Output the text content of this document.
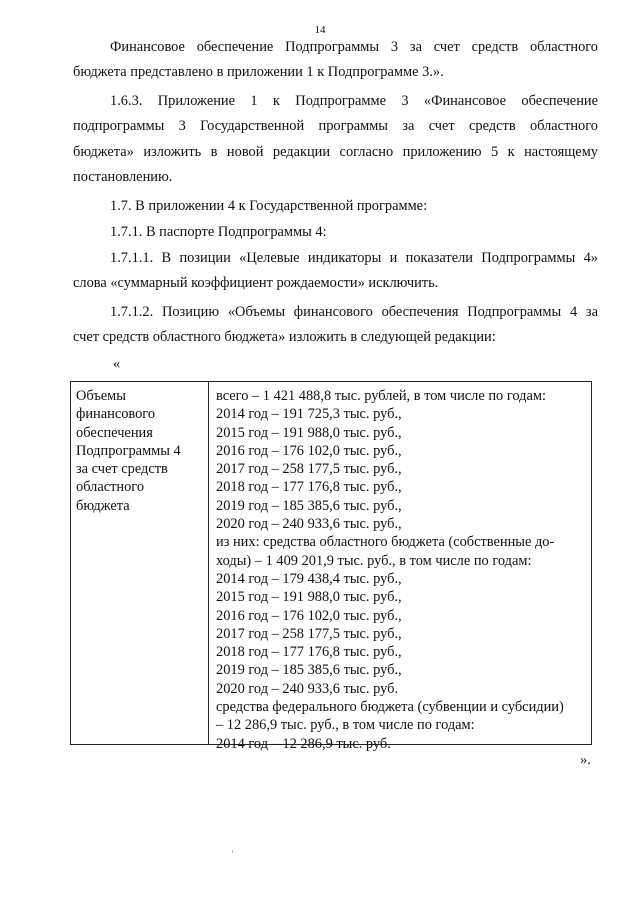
14

Финансовое обеспечение Подпрограммы 3 за счет средств областного
бюджета представлено в приложении 1 к Подпрограмме 3.».

1.6.3. Приложение 1 к Подпрограмме 3 «Финансовое обеспечение
подпрограммы 3 Государственной программы за счет средств областного
бюджета» изложить в новой редакции согласно приложению 5 к настоящему
постановлению.

1.7. В приложении 4 к Государственной программе:

1.7.1. В паспорте Подпрограммы 4:

1.7.1.1. В позиции «Целевые индикаторы и показатели Подпрограммы 4»
слова «суммарный коэффициент рождаемости» исключить.

1.7.1.2. Позицию «Объемы финансового обеспечения Подпрограммы 4 за
счет средств областного бюджета» изложить в следующей редакции:

«
Объемы
финансового
обеспечения
Подпрограммы 4
за счет средств
областного
бюджета
всего – 1 421 488,8 тыс. рублей, в том числе по годам:
2014 год – 191 725,3 тыс. руб.,
2015 год – 191 988,0 тыс. руб.,
2016 год – 176 102,0 тыс. руб.,
2017 год – 258 177,5 тыс. руб.,
2018 год – 177 176,8 тыс. руб.,
2019 год – 185 385,6 тыс. руб.,
2020 год – 240 933,6 тыс. руб.,
из них: средства областного бюджета (собственные до-
ходы) – 1 409 201,9 тыс. руб., в том числе по годам:
2014 год – 179 438,4 тыс. руб.,
2015 год – 191 988,0 тыс. руб.,
2016 год – 176 102,0 тыс. руб.,
2017 год – 258 177,5 тыс. руб.,
2018 год – 177 176,8 тыс. руб.,
2019 год – 185 385,6 тыс. руб.,
2020 год – 240 933,6 тыс. руб.
средства федерального бюджета (субвенции и субсидии)
– 12 286,9 тыс. руб., в том числе по годам:
2014 год – 12 286,9 тыс. руб.
».
